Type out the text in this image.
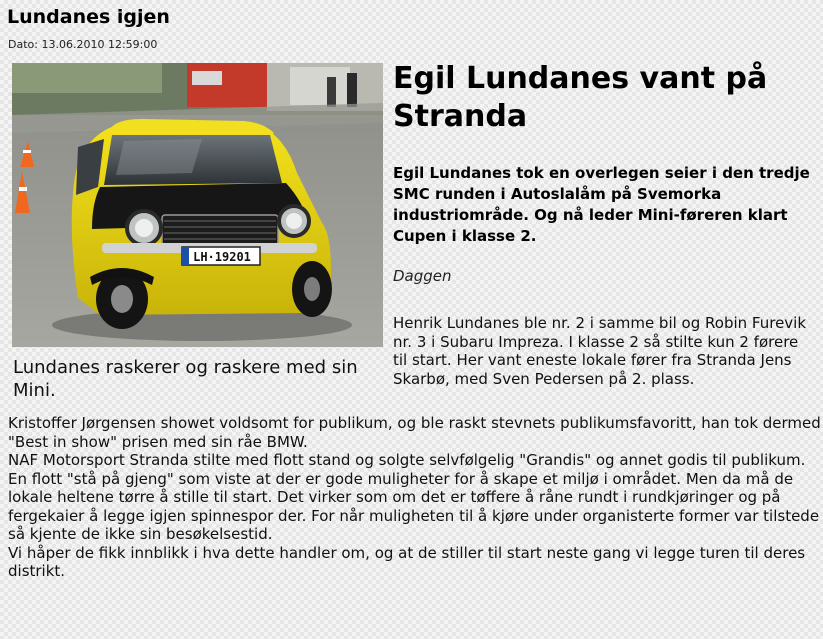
Lundanes igjen
Dato: 13.06.2010 12:59:00
LH·19201
Lundanes raskerer og raskere med sin Mini.
Egil Lundanes vant på Stranda
Egil Lundanes tok en overlegen seier i den tredje SMC runden i Autoslalåm på Svemorka industriområde. Og nå leder Mini-føreren klart Cupen i klasse 2.
Daggen
Henrik Lundanes ble nr. 2 i samme bil og Robin Furevik nr. 3 i Subaru Impreza. I klasse 2 så stilte kun 2 førere til start. Her vant eneste lokale fører fra Stranda Jens Skarbø, med Sven Pedersen på 2. plass.
Kristoffer Jørgensen showet voldsomt for publikum, og ble raskt stevnets publikumsfavoritt, han tok dermed "Best in show" prisen med sin råe BMW.
NAF Motorsport Stranda stilte med flott stand og solgte selvfølgelig "Grandis" og annet godis til publikum. En flott "stå på gjeng" som viste at der er gode muligheter for å skape et miljø i området. Men da må de lokale heltene tørre å stille til start. Det virker som om det er tøffere å råne rundt i rundkjøringer og på fergekaier å legge igjen spinnespor der. For når muligheten til å kjøre under organisterte former var tilstede så kjente de ikke sin besøkelsestid.
Vi håper de fikk innblikk i hva dette handler om, og at de stiller til start neste gang vi legge turen til deres distrikt.
